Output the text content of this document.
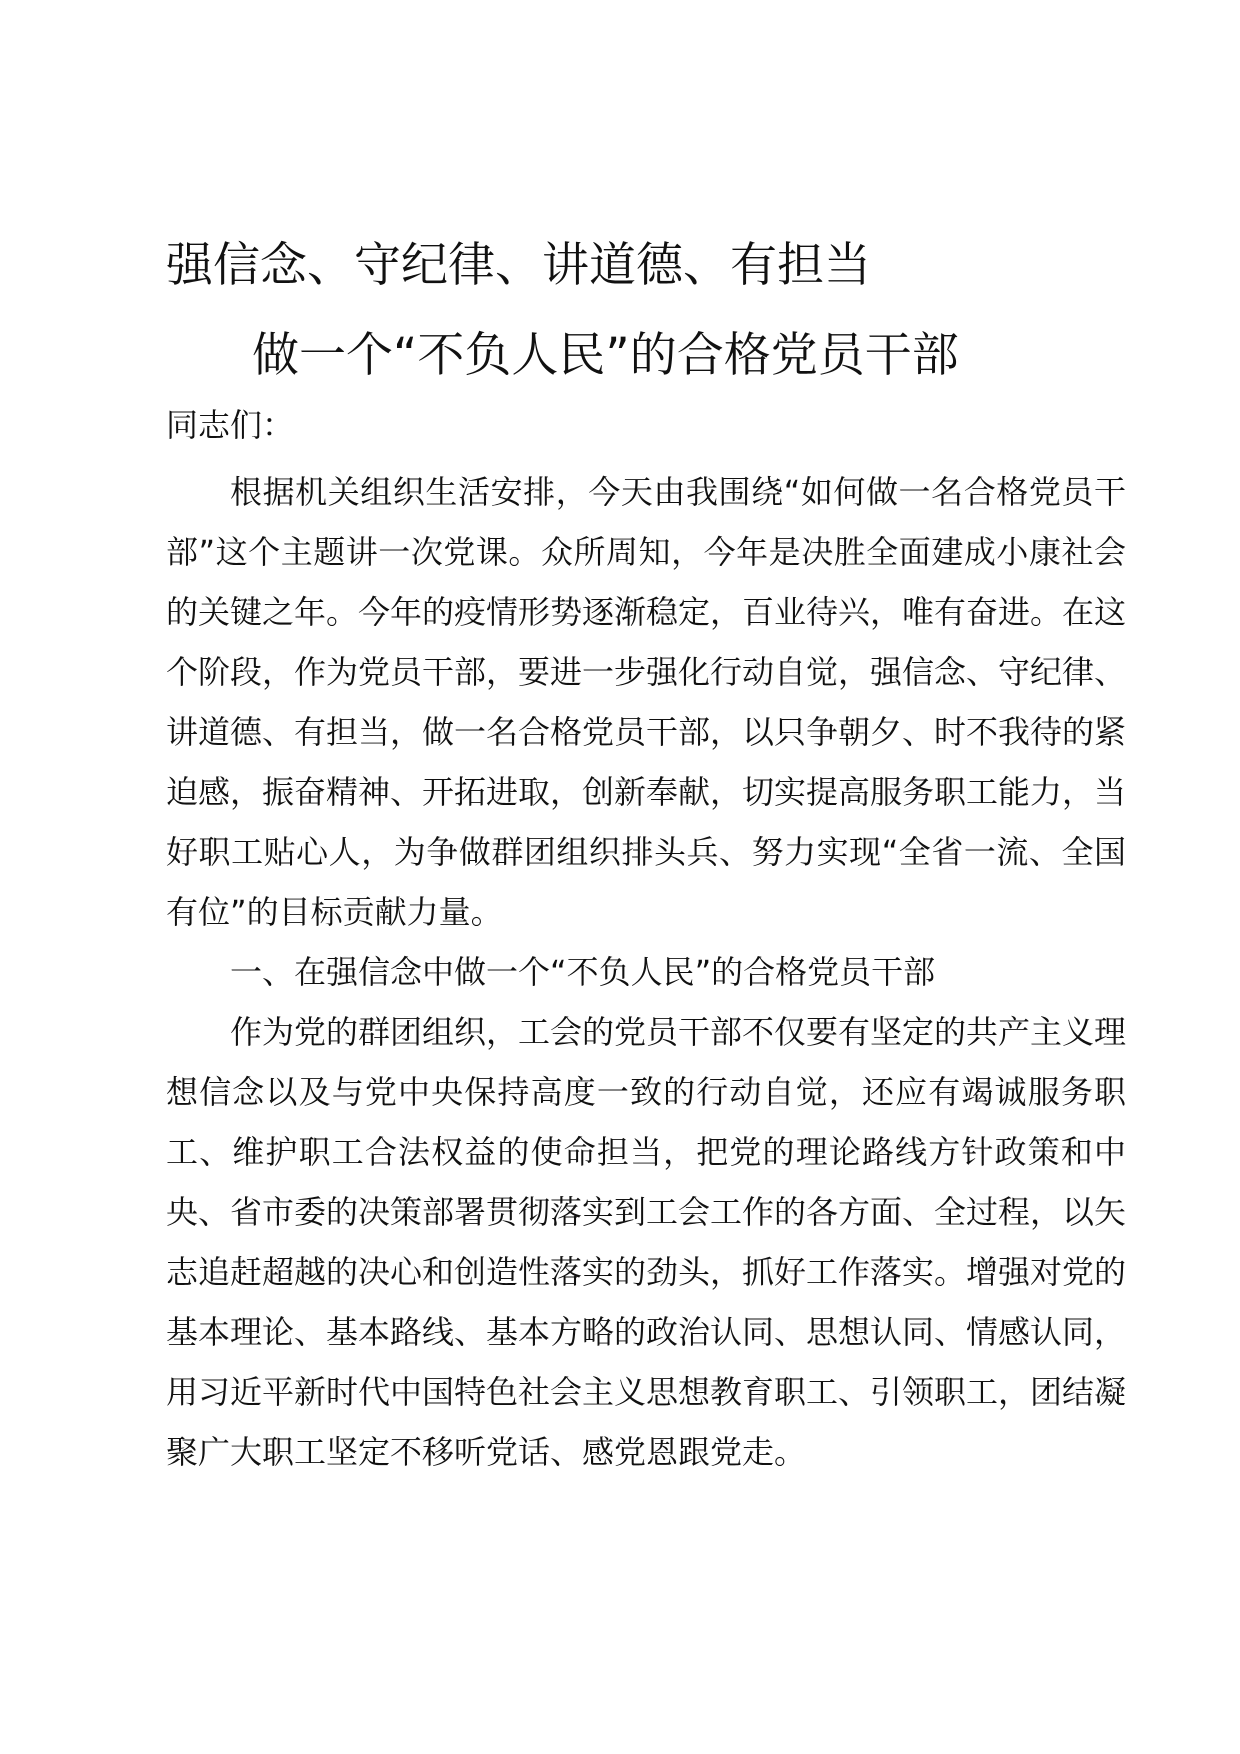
强信念、守纪律、讲道德、有担当
做一个“不负人民”的合格党员干部

同志们：

根据机关组织生活安排，今天由我围绕“如何做一名合格党员干部”这个主题讲一次党课。众所周知，今年是决胜全面建成小康社会的关键之年。今年的疫情形势逐渐稳定，百业待兴，唯有奋进。在这个阶段，作为党员干部，要进一步强化行动自觉，强信念、守纪律、讲道德、有担当，做一名合格党员干部，以只争朝夕、时不我待的紧迫感，振奋精神、开拓进取，创新奉献，切实提高服务职工能力，当好职工贴心人，为争做群团组织排头兵、努力实现“全省一流、全国有位”的目标贡献力量。

一、在强信念中做一个“不负人民”的合格党员干部

作为党的群团组织，工会的党员干部不仅要有坚定的共产主义理想信念以及与党中央保持高度一致的行动自觉，还应有竭诚服务职工、维护职工合法权益的使命担当，把党的理论路线方针政策和中央、省市委的决策部署贯彻落实到工会工作的各方面、全过程，以矢志追赶超越的决心和创造性落实的劲头，抓好工作落实。增强对党的基本理论、基本路线、基本方略的政治认同、思想认同、情感认同，用习近平新时代中国特色社会主义思想教育职工、引领职工，团结凝聚广大职工坚定不移听党话、感党恩跟党走。
